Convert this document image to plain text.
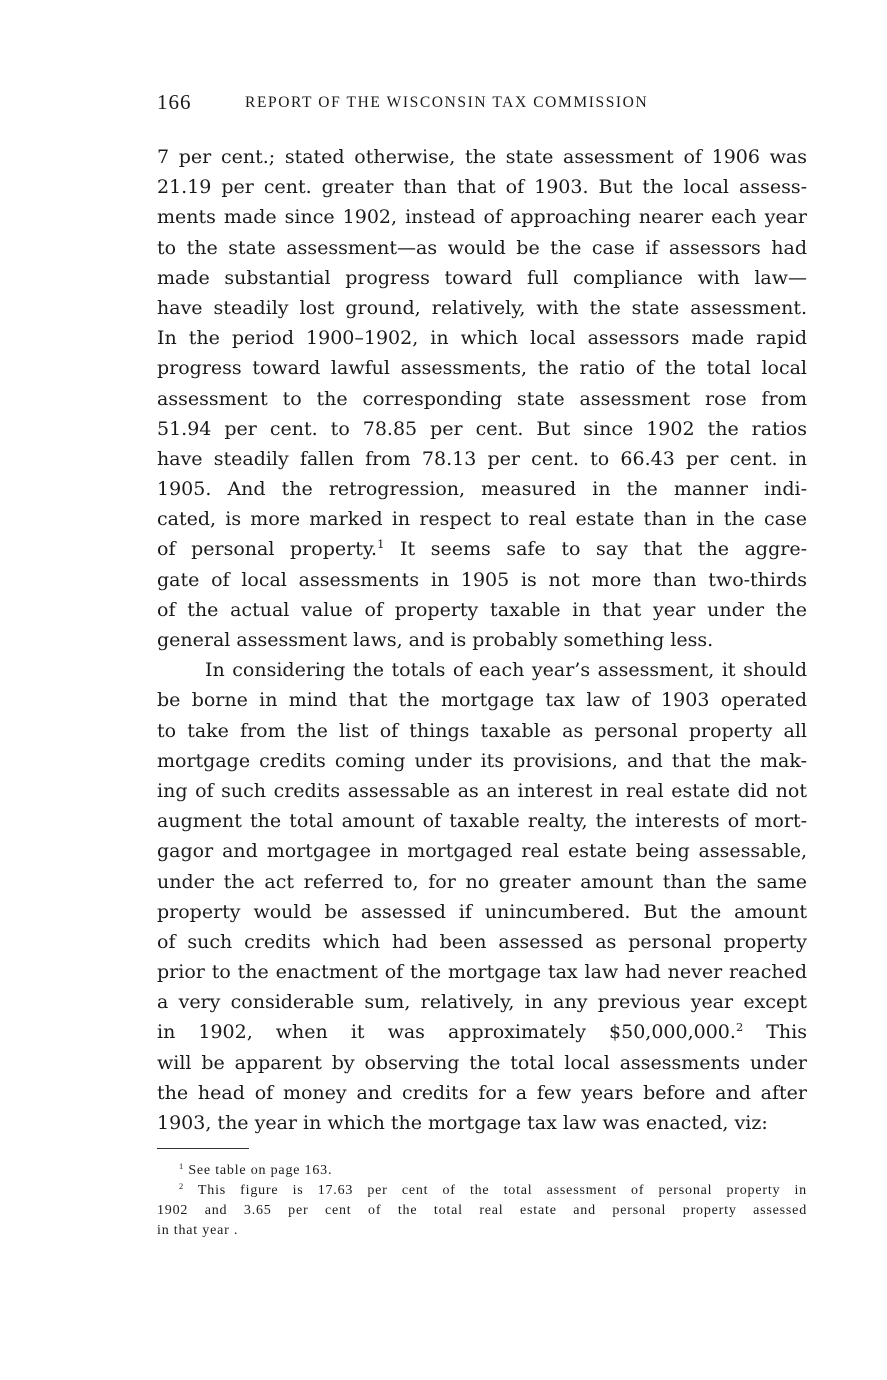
166	REPORT OF THE WISCONSIN TAX COMMISSION
7 per cent.; stated otherwise, the state assessment of 1906 was
21.19 per cent. greater than that of 1903. But the local assess-
ments made since 1902, instead of approaching nearer each year
to the state assessment—as would be the case if assessors had
made substantial progress toward full compliance with law—
have steadily lost ground, relatively, with the state assessment.
In the period 1900–1902, in which local assessors made rapid
progress toward lawful assessments, the ratio of the total local
assessment to the corresponding state assessment rose from
51.94 per cent. to 78.85 per cent. But since 1902 the ratios
have steadily fallen from 78.13 per cent. to 66.43 per cent. in
1905. And the retrogression, measured in the manner indi-
cated, is more marked in respect to real estate than in the case
of personal property.$^1$ It seems safe to say that the aggre-
gate of local assessments in 1905 is not more than two-thirds
of the actual value of property taxable in that year under the
general assessment laws, and is probably something less.
In considering the totals of each year’s assessment, it should
be borne in mind that the mortgage tax law of 1903 operated
to take from the list of things taxable as personal property all
mortgage credits coming under its provisions, and that the mak-
ing of such credits assessable as an interest in real estate did not
augment the total amount of taxable realty, the interests of mort-
gagor and mortgagee in mortgaged real estate being assessable,
under the act referred to, for no greater amount than the same
property would be assessed if unincumbered. But the amount
of such credits which had been assessed as personal property
prior to the enactment of the mortgage tax law had never reached
a very considerable sum, relatively, in any previous year except
in 1902, when it was approximately $50,000,000.$^2$ This
will be apparent by observing the total local assessments under
the head of money and credits for a few years before and after
1903, the year in which the mortgage tax law was enacted, viz:
$^1$ See table on page 163.
$^2$ This figure is 17.63 per cent of the total assessment of personal property in
1902 and 3.65 per cent of the total real estate and personal property assessed
in that year .
